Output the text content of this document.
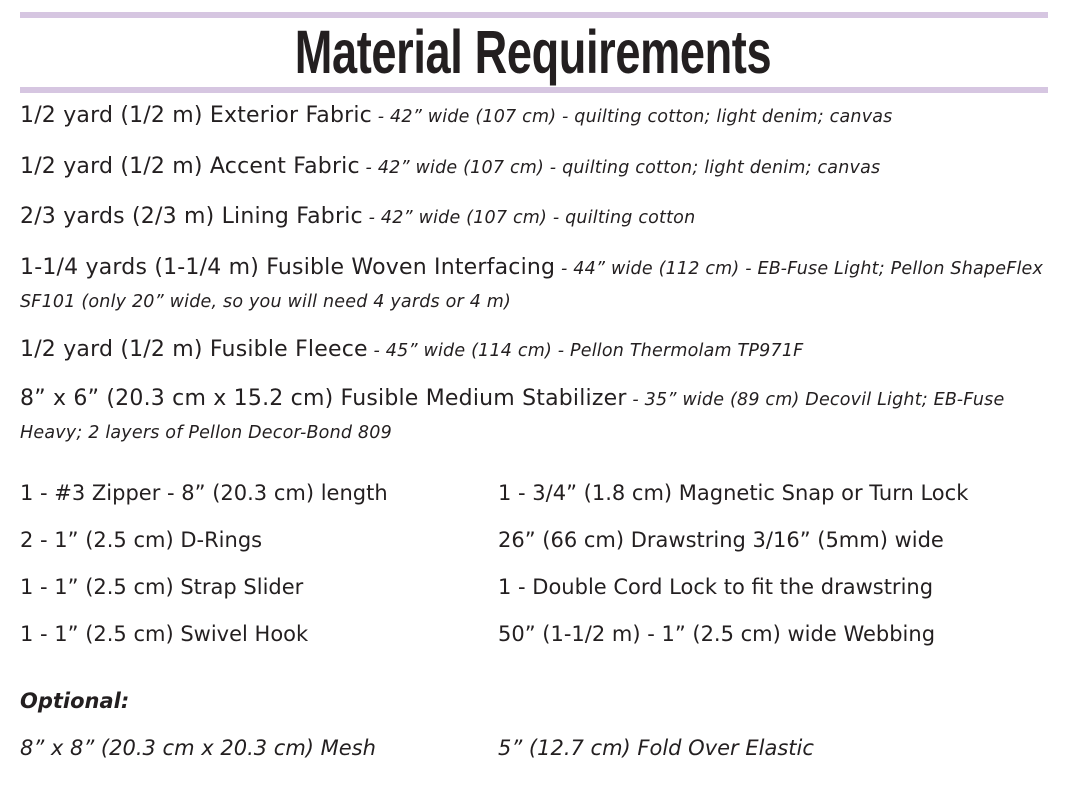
Material Requirements
1/2 yard (1/2 m) Exterior Fabric - 42” wide (107 cm) - quilting cotton; light denim; canvas
1/2 yard (1/2 m) Accent Fabric - 42” wide (107 cm) - quilting cotton; light denim; canvas
2/3 yards (2/3 m) Lining Fabric - 42” wide (107 cm) - quilting cotton
1-1/4 yards (1-1/4 m) Fusible Woven Interfacing - 44” wide (112 cm) - EB-Fuse Light; Pellon ShapeFlex SF101 (only 20” wide, so you will need 4 yards or 4 m)
1/2 yard (1/2 m) Fusible Fleece - 45” wide (114 cm) - Pellon Thermolam TP971F
8” x 6” (20.3 cm x 15.2 cm) Fusible Medium Stabilizer - 35” wide (89 cm) Decovil Light; EB-Fuse Heavy; 2 layers of Pellon Decor-Bond 809
1 - #3 Zipper - 8” (20.3 cm) length
2 - 1” (2.5 cm) D-Rings
1 - 1” (2.5 cm) Strap Slider
1 - 1” (2.5 cm) Swivel Hook
1 - 3/4” (1.8 cm) Magnetic Snap or Turn Lock
26” (66 cm) Drawstring 3/16” (5mm) wide
1 - Double Cord Lock to fit the drawstring
50” (1-1/2 m) - 1” (2.5 cm) wide Webbing
Optional:
8” x 8” (20.3 cm x 20.3 cm) Mesh	5” (12.7 cm) Fold Over Elastic
